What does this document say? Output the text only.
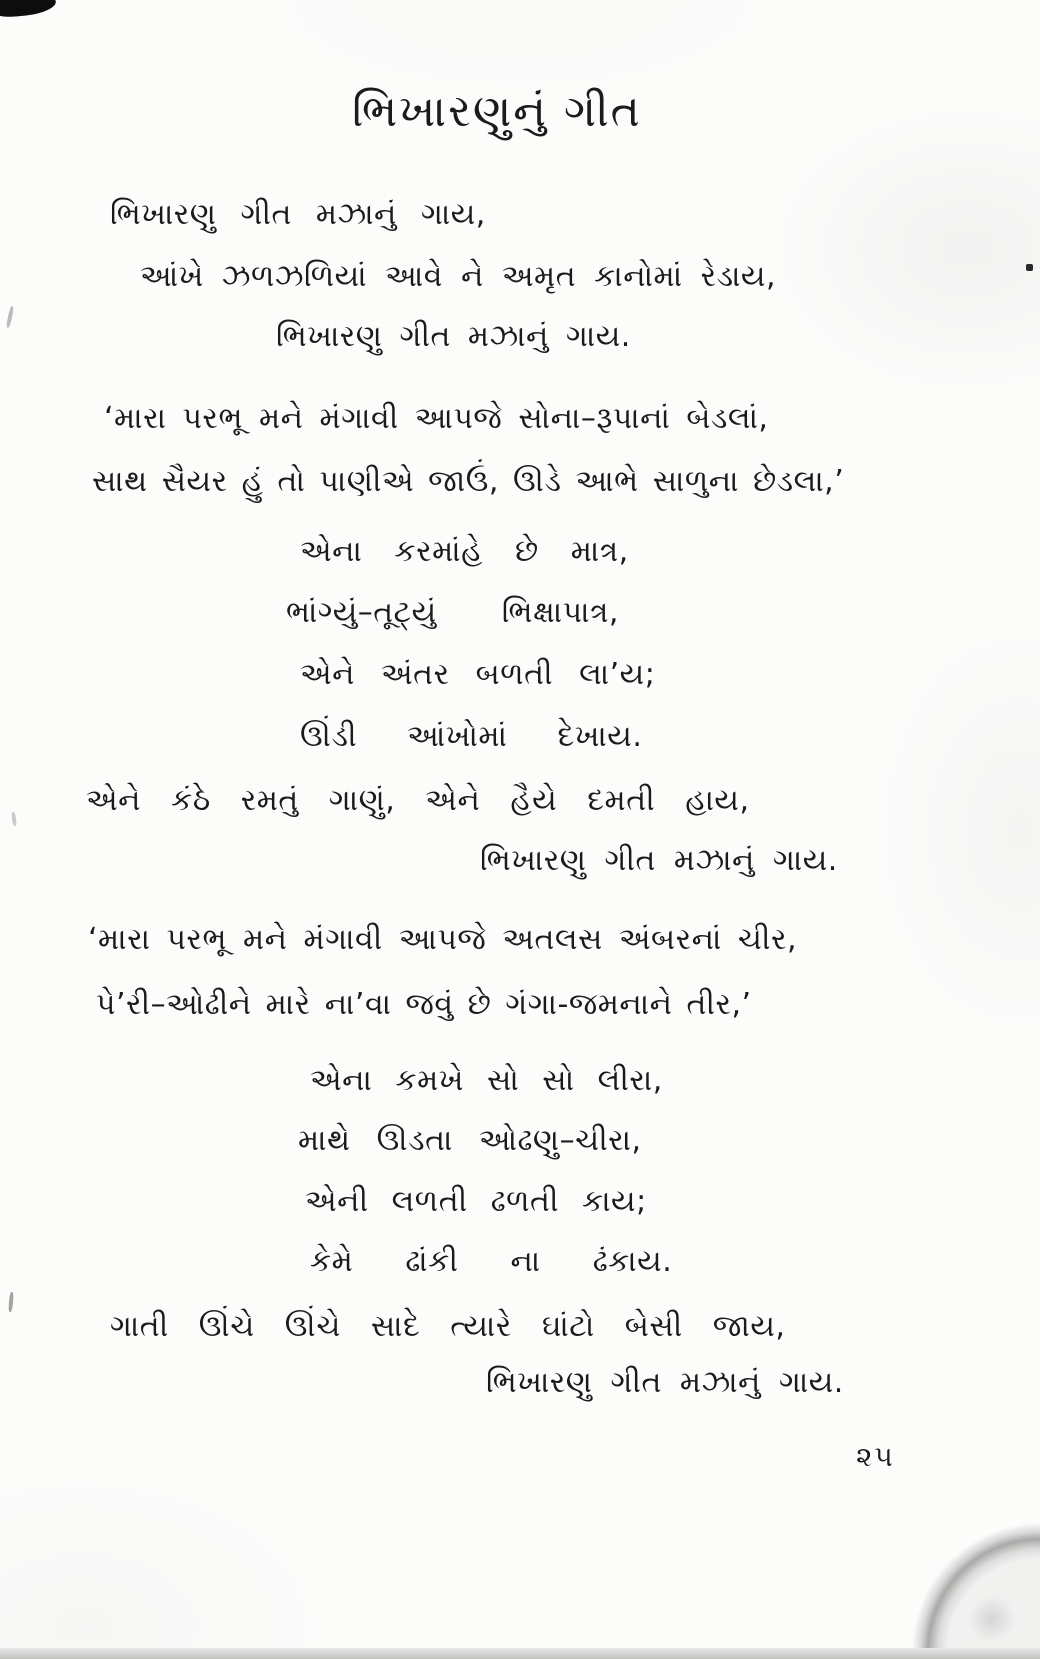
ભિખારણુનું ગીત
ભિખારણુ ગીત મઝાનું ગાય,
આંખે ઝળઝળિયાં આવે ને અમૃત કાનોમાં રેડાય,
ભિખારણુ ગીત મઝાનું ગાય.
‘મારા પરભૂ મને મંગાવી આપજે સોના–રૂપાનાં બેડલાં,
સાથ સૈયર હું તો પાણીએ જાઉં, ઊડે આભે સાળુના છેડલા,’
એના કરમાંહે છે માત્ર,
ભાંગ્યું–તૂટ્યું ભિક્ષાપાત્ર,
એને અંતર બળતી લા’ય;
ઊંડી આંખોમાં દેખાય.
એને કંઠે રમતું ગાણું, એને હૈયે દમતી હાય,
ભિખારણુ ગીત મઝાનું ગાય.
‘મારા પરભૂ મને મંગાવી આપજે અતલસ અંબરનાં ચીર,
પે’રી–ઓઢીને મારે ના’વા જવું છે ગંગા-જમનાને તીર,’
એના કમખે સો સો લીરા,
માથે ઊડતા ઓઢણુ–ચીરા,
એની લળતી ઢળતી કાય;
કેમે ઢાંકી ના ઢંકાય.
ગાતી ઊંચે ઊંચે સાદે ત્યારે ઘાંટો બેસી જાય,
ભિખારણુ ગીત મઝાનું ગાય.
૨૫
